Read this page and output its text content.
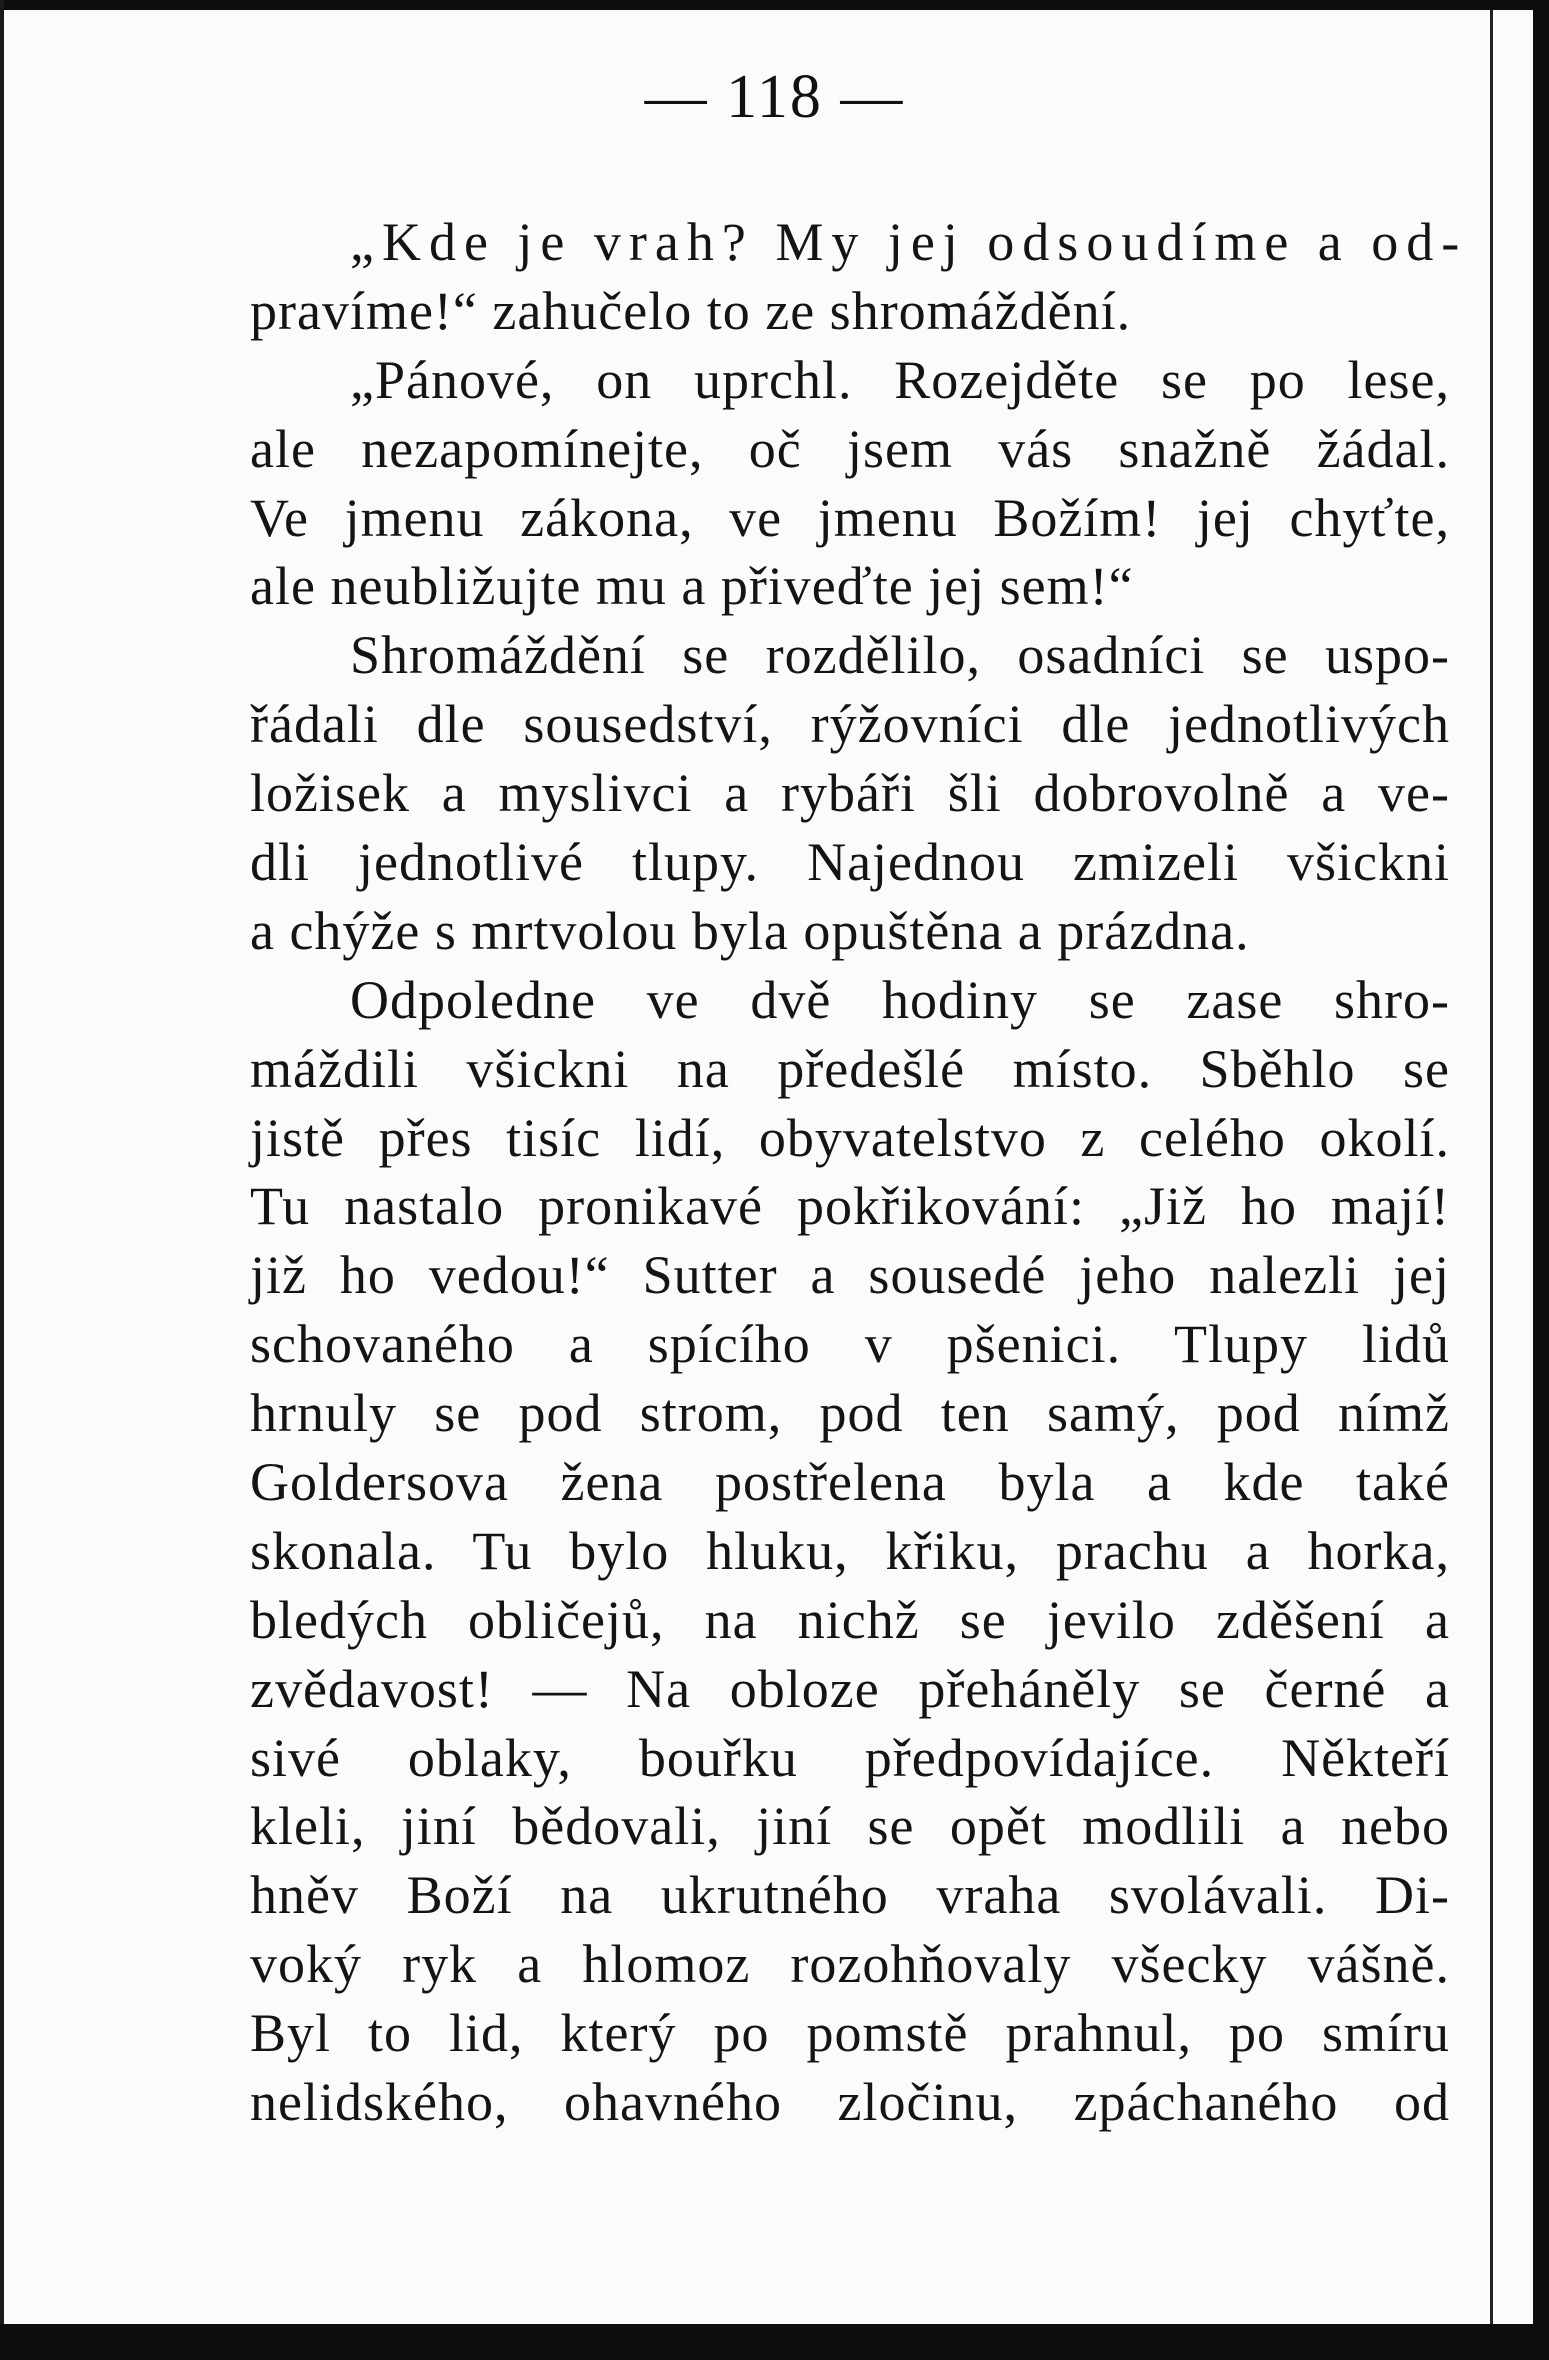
— 118 —
„Kde je vrah? My jej odsoudíme a od-
pravíme!“ zahučelo to ze shromáždění.
„Pánové, on uprchl. Rozejděte se po lese,
ale nezapomínejte, oč jsem vás snažně žádal.
Ve jmenu zákona, ve jmenu Božím! jej chyťte,
ale neubližujte mu a přiveďte jej sem!“
Shromáždění se rozdělilo, osadníci se uspo-
řádali dle sousedství, rýžovníci dle jednotlivých
ložisek a myslivci a rybáři šli dobrovolně a ve-
dli jednotlivé tlupy. Najednou zmizeli všickni
a chýže s mrtvolou byla opuštěna a prázdna.
Odpoledne ve dvě hodiny se zase shro-
máždili všickni na předešlé místo. Sběhlo se
jistě přes tisíc lidí, obyvatelstvo z celého okolí.
Tu nastalo pronikavé pokřikování: „Již ho mají!
již ho vedou!“ Sutter a sousedé jeho nalezli jej
schovaného a spícího v pšenici. Tlupy lidů
hrnuly se pod strom, pod ten samý, pod nímž
Goldersova žena postřelena byla a kde také
skonala. Tu bylo hluku, křiku, prachu a horka,
bledých obličejů, na nichž se jevilo zděšení a
zvědavost! — Na obloze přeháněly se černé a
sivé oblaky, bouřku předpovídajíce. Někteří
kleli, jiní bědovali, jiní se opět modlili a nebo
hněv Boží na ukrutného vraha svolávali. Di-
voký ryk a hlomoz rozohňovaly všecky vášně.
Byl to lid, který po pomstě prahnul, po smíru
nelidského, ohavného zločinu, zpáchaného od
